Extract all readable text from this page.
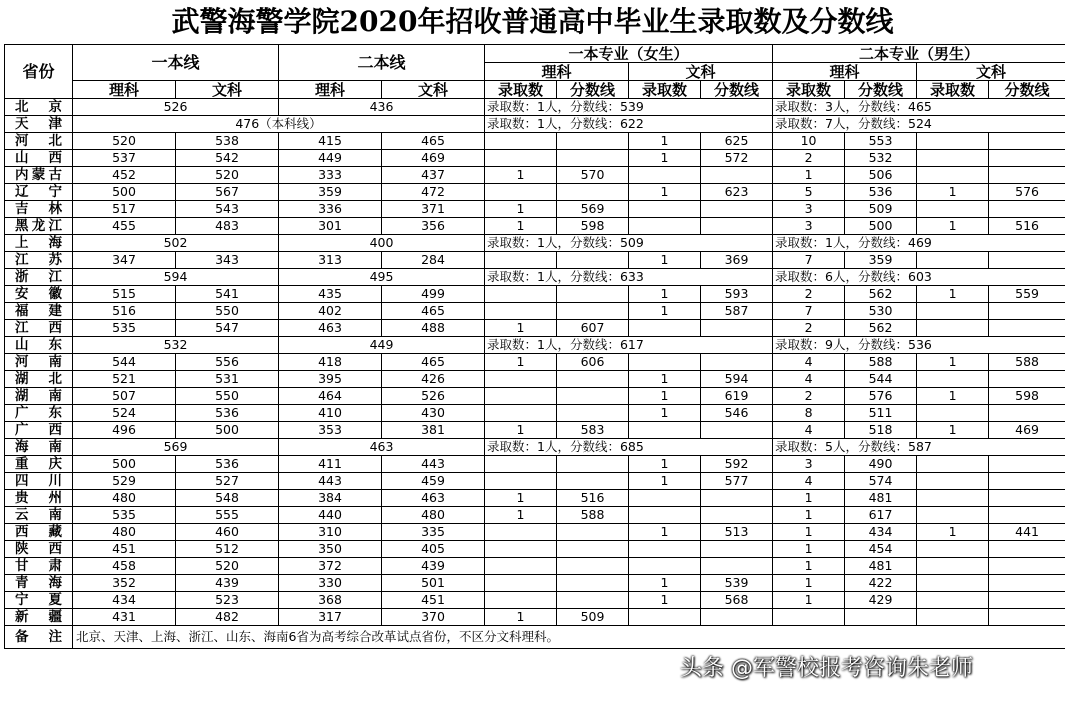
武警海警学院2020年招收普通高中毕业生录取数及分数线
省份	一本线		二本线		一本专业（女生）				二本专业（男生）			
					理科		文科		理科		文科	
	理科	文科	理科	文科	录取数	分数线	录取数	分数线	录取数	分数线	录取数	分数线
北京	526		436		录取数：1人，分数线：539				录取数：3人，分数线：465			
天津	476（本科线）				录取数：1人，分数线：622				录取数：7人，分数线：524			
河北	520	538	415	465			1	625	10	553		
山西	537	542	449	469			1	572	2	532		
内蒙古	452	520	333	437	1	570			1	506		
辽宁	500	567	359	472			1	623	5	536	1	576
吉林	517	543	336	371	1	569			3	509		
黑龙江	455	483	301	356	1	598			3	500	1	516
上海	502		400		录取数：1人，分数线：509				录取数：1人，分数线：469			
江苏	347	343	313	284			1	369	7	359		
浙江	594		495		录取数：1人，分数线：633				录取数：6人，分数线：603			
安徽	515	541	435	499			1	593	2	562	1	559
福建	516	550	402	465			1	587	7	530		
江西	535	547	463	488	1	607			2	562		
山东	532		449		录取数：1人，分数线：617				录取数：9人，分数线：536			
河南	544	556	418	465	1	606			4	588	1	588
湖北	521	531	395	426			1	594	4	544		
湖南	507	550	464	526			1	619	2	576	1	598
广东	524	536	410	430			1	546	8	511		
广西	496	500	353	381	1	583			4	518	1	469
海南	569		463		录取数：1人，分数线：685				录取数：5人，分数线：587			
重庆	500	536	411	443			1	592	3	490		
四川	529	527	443	459			1	577	4	574		
贵州	480	548	384	463	1	516			1	481		
云南	535	555	440	480	1	588			1	617		
西藏	480	460	310	335			1	513	1	434	1	441
陕西	451	512	350	405					1	454		
甘肃	458	520	372	439					1	481		
青海	352	439	330	501			1	539	1	422		
宁夏	434	523	368	451			1	568	1	429		
新疆	431	482	317	370	1	509						
备　注	北京、天津、上海、浙江、山东、海南6省为高考综合改革试点省份，不区分文科理科。											
头条 @军警校报考咨询朱老师
